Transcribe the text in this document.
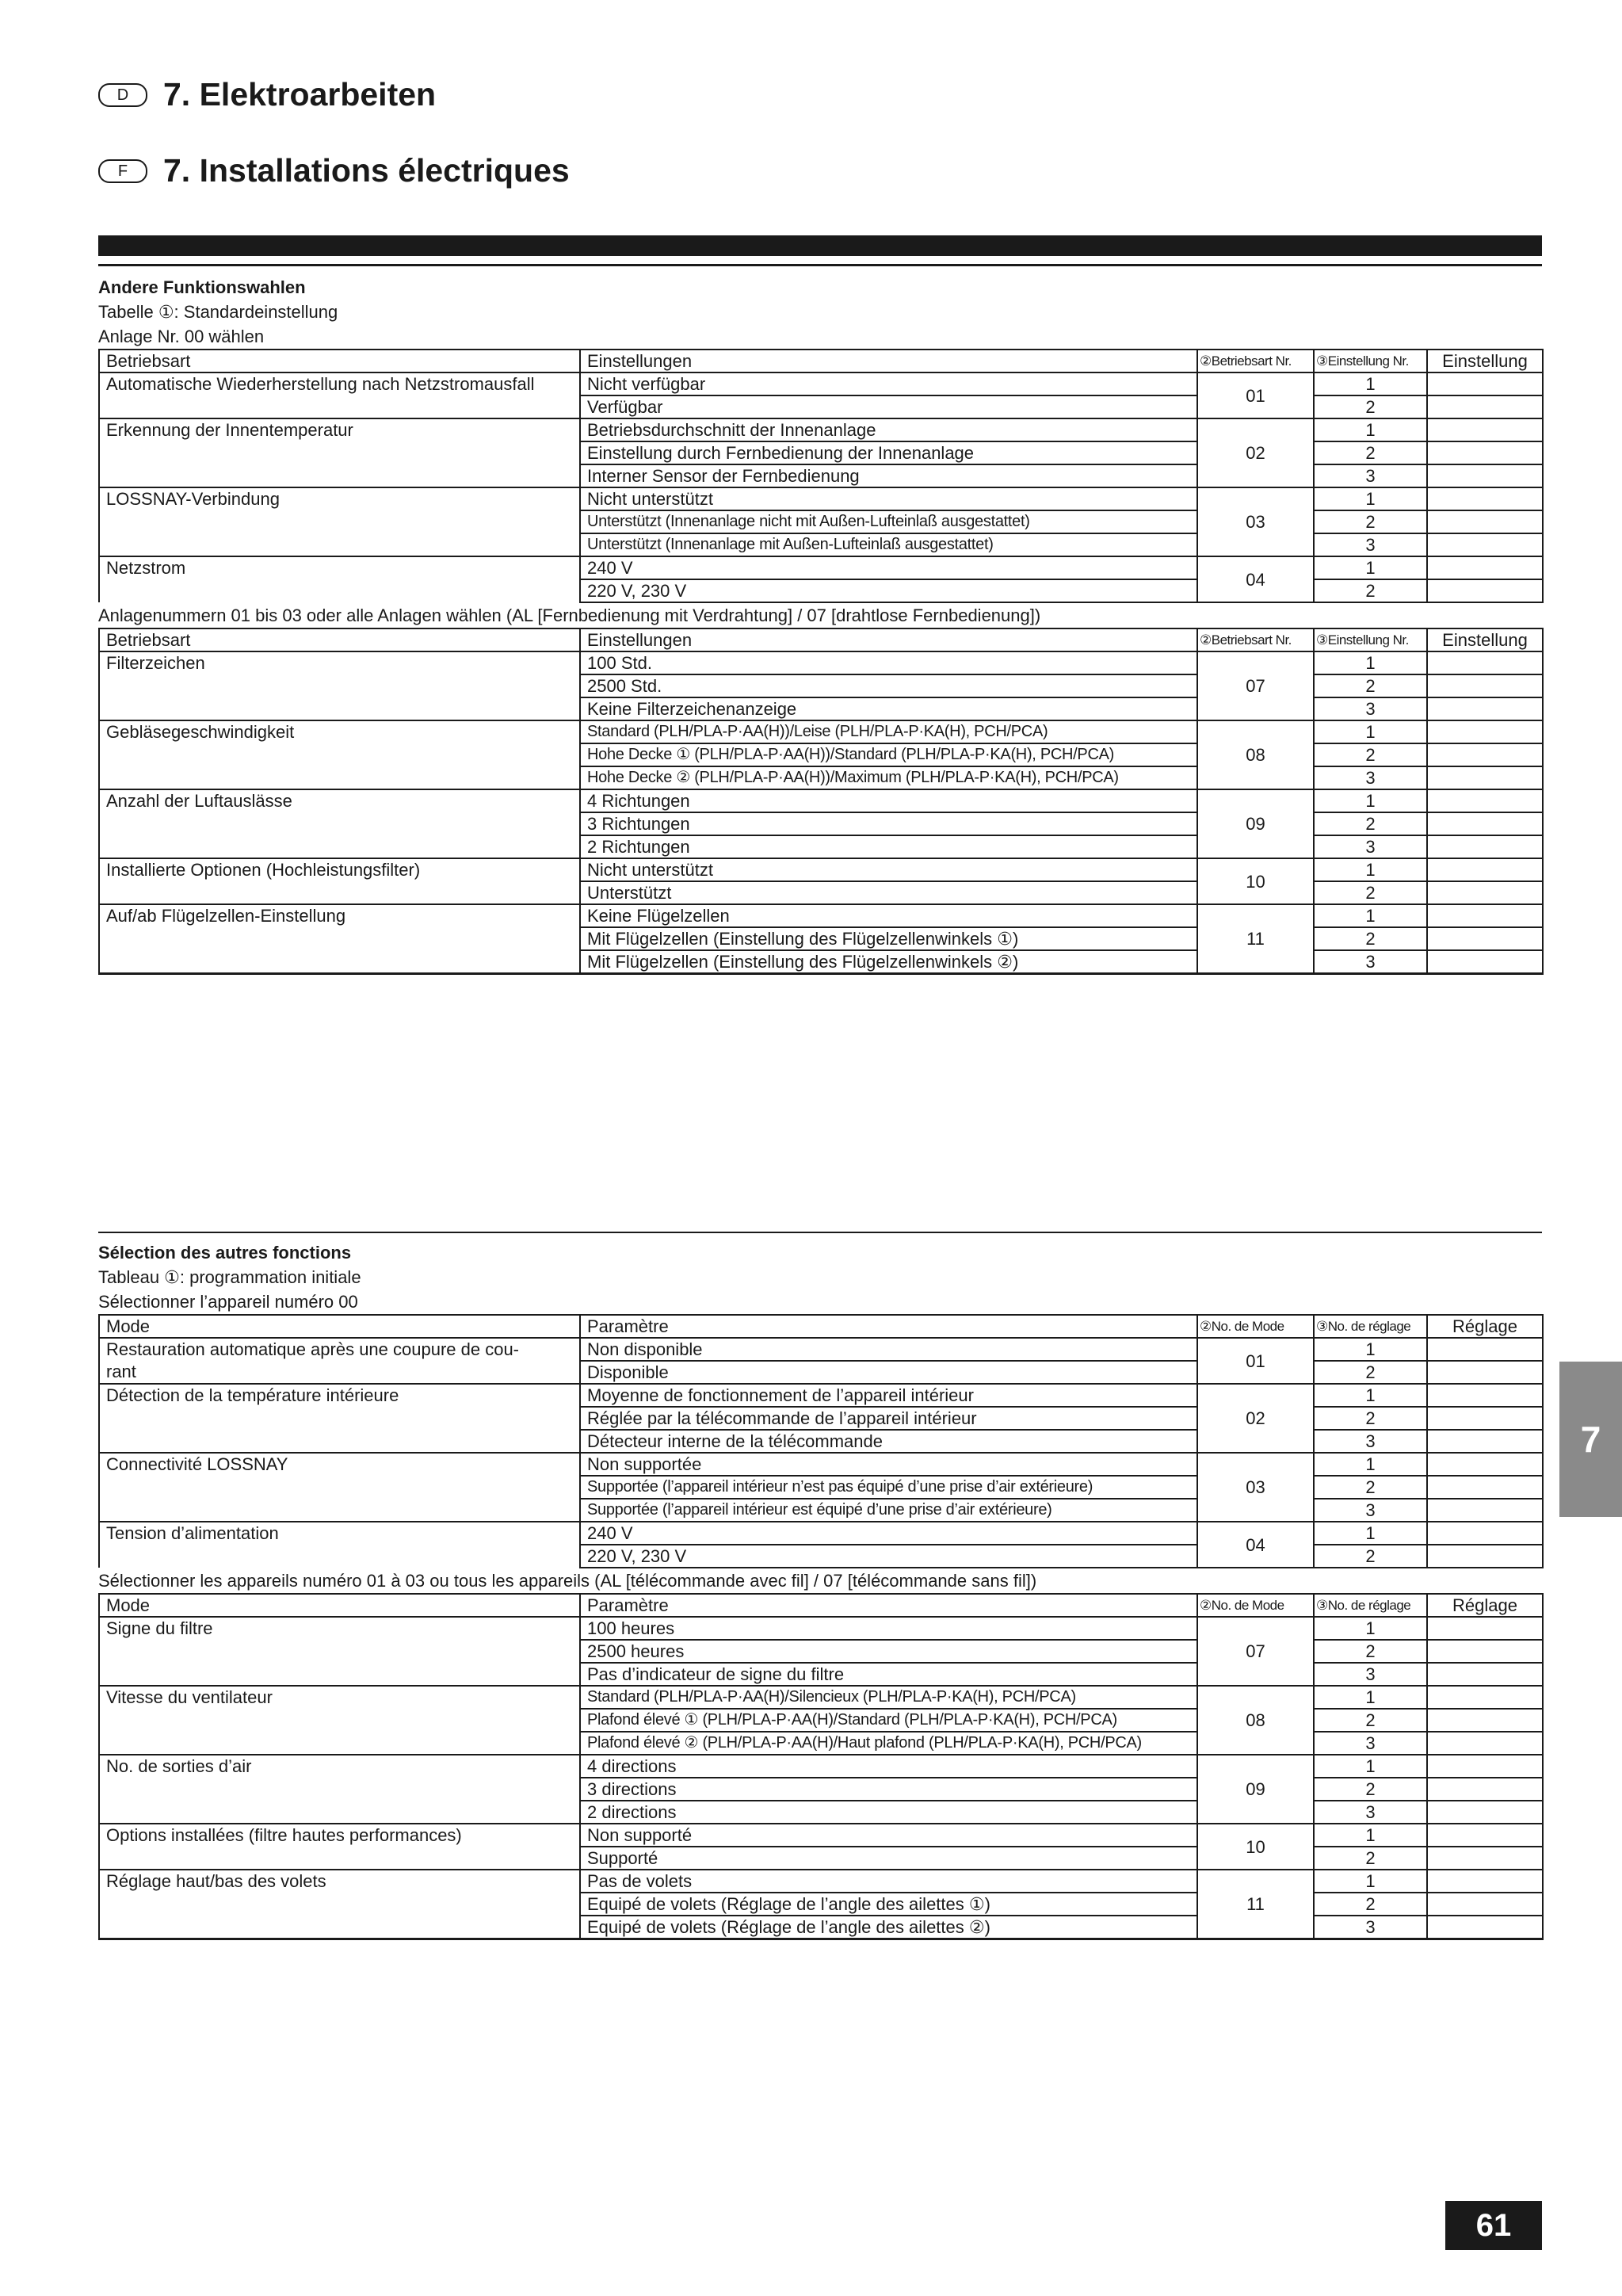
D	7. Elektroarbeiten
F	7. Installations électriques
Andere Funktionswahlen
Tabelle ①: Standardeinstellung
Anlage Nr. 00 wählen
Betriebsart	Einstellungen	②Betriebsart Nr.	③Einstellung Nr.	Einstellung
Automatische Wiederherstellung nach Netzstromausfall	Nicht verfügbar	01	1	
	Verfügbar		2	
Erkennung der Innentemperatur	Betriebsdurchschnitt der Innenanlage	02	1	
	Einstellung durch Fernbedienung der Innenanlage		2	
	Interner Sensor der Fernbedienung		3	
LOSSNAY-Verbindung	Nicht unterstützt	03	1	
	Unterstützt (Innenanlage nicht mit Außen-Lufteinlaß ausgestattet)		2	
	Unterstützt (Innenanlage mit Außen-Lufteinlaß ausgestattet)		3	
Netzstrom	240 V	04	1	
	220 V, 230 V		2	
Anlagenummern 01 bis 03 oder alle Anlagen wählen (AL [Fernbedienung mit Verdrahtung] / 07 [drahtlose Fernbedienung])
Betriebsart	Einstellungen	②Betriebsart Nr.	③Einstellung Nr.	Einstellung
Filterzeichen	100 Std.	07	1	
	2500 Std.		2	
	Keine Filterzeichenanzeige		3	
Gebläsegeschwindigkeit	Standard (PLH/PLA-P·AA(H))/Leise (PLH/PLA-P·KA(H), PCH/PCA)	08	1	
	Hohe Decke ① (PLH/PLA-P·AA(H))/Standard (PLH/PLA-P·KA(H), PCH/PCA)		2	
	Hohe Decke ② (PLH/PLA-P·AA(H))/Maximum (PLH/PLA-P·KA(H), PCH/PCA)		3	
Anzahl der Luftauslässe	4 Richtungen	09	1	
	3 Richtungen		2	
	2 Richtungen		3	
Installierte Optionen (Hochleistungsfilter)	Nicht unterstützt	10	1	
	Unterstützt		2	
Auf/ab Flügelzellen-Einstellung	Keine Flügelzellen	11	1	
	Mit Flügelzellen (Einstellung des Flügelzellenwinkels ①)		2	
	Mit Flügelzellen (Einstellung des Flügelzellenwinkels ②)		3	
Sélection des autres fonctions
Tableau ①: programmation initiale
Sélectionner l’appareil numéro 00
Mode	Paramètre	②No. de Mode	③No. de réglage	Réglage
Restauration automatique après une coupure de cou-	Non disponible	01	1	
rant	Disponible		2	
Détection de la température intérieure	Moyenne de fonctionnement de l’appareil intérieur	02	1	
	Réglée par la télécommande de l’appareil intérieur		2	
	Détecteur interne de la télécommande		3	
Connectivité LOSSNAY	Non supportée	03	1	
	Supportée (l’appareil intérieur n’est pas équipé d’une prise d’air extérieure)		2	
	Supportée (l’appareil intérieur est équipé d’une prise d’air extérieure)		3	
Tension d’alimentation	240 V	04	1	
	220 V, 230 V		2	
Sélectionner les appareils numéro 01 à 03 ou tous les appareils (AL [télécommande avec fil] / 07 [télécommande sans fil])
Mode	Paramètre	②No. de Mode	③No. de réglage	Réglage
Signe du filtre	100 heures	07	1	
	2500 heures		2	
	Pas d’indicateur de signe du filtre		3	
Vitesse du ventilateur	Standard (PLH/PLA-P·AA(H)/Silencieux (PLH/PLA-P·KA(H), PCH/PCA)	08	1	
	Plafond élevé ① (PLH/PLA-P·AA(H)/Standard (PLH/PLA-P·KA(H), PCH/PCA)		2	
	Plafond élevé ② (PLH/PLA-P·AA(H)/Haut plafond (PLH/PLA-P·KA(H), PCH/PCA)		3	
No. de sorties d’air	4 directions	09	1	
	3 directions		2	
	2 directions		3	
Options installées (filtre hautes performances)	Non supporté	10	1	
	Supporté		2	
Réglage haut/bas des volets	Pas de volets	11	1	
	Equipé de volets (Réglage de l’angle des ailettes ①)		2	
	Equipé de volets (Réglage de l’angle des ailettes ②)		3	
7
61
